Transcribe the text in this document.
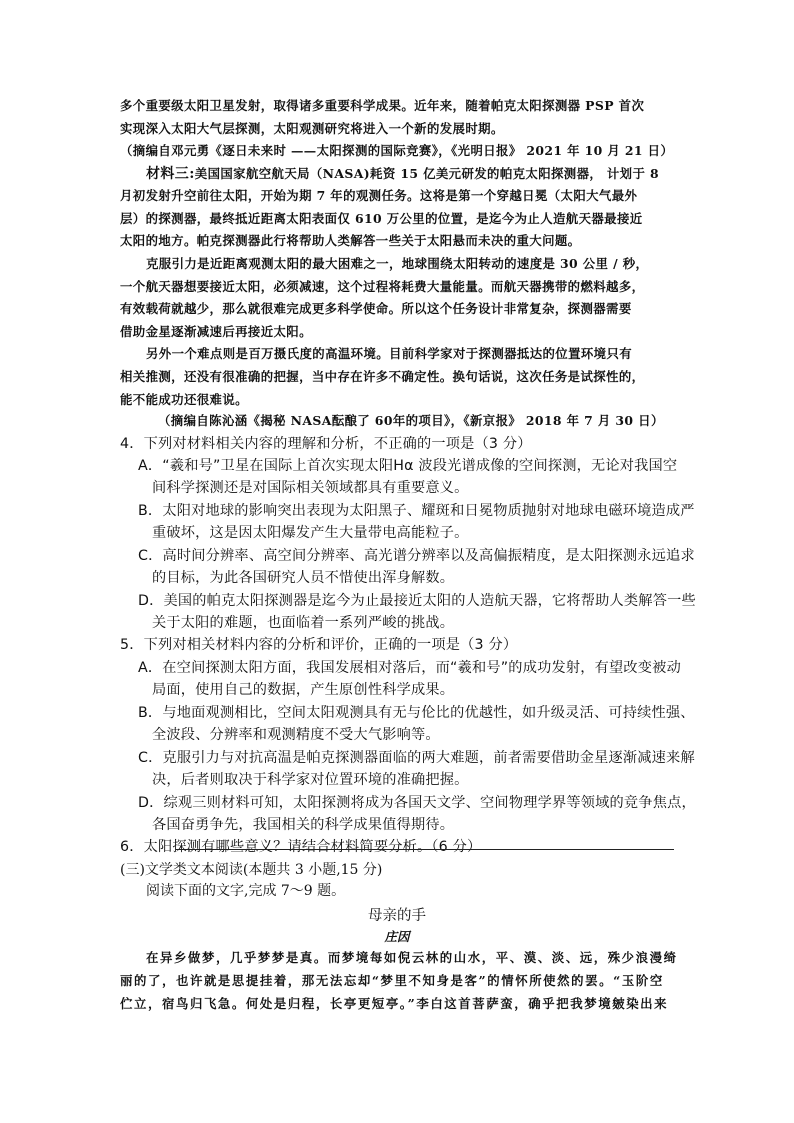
多个重要级太阳卫星发射，取得诸多重要科学成果。近年来，随着帕克太阳探测器 PSP 首次
实现深入太阳大气层探测，太阳观测研究将进入一个新的发展时期。
（摘编自邓元勇《逐日未来时 ——太阳探测的国际竞赛》，《光明日报》 2021 年 10 月 21 日）
材料三:美国国家航空航天局（NASA)耗资 15 亿美元研发的帕克太阳探测器， 计划于 8
月初发射升空前往太阳，开始为期 7 年的观测任务。这将是第一个穿越日冕（太阳大气最外
层）的探测器，最终抵近距离太阳表面仅 610 万公里的位置，是迄今为止人造航天器最接近
太阳的地方。帕克探测器此行将帮助人类解答一些关于太阳悬而未决的重大问题。
克服引力是近距离观测太阳的最大困难之一，地球围绕太阳转动的速度是 30 公里 / 秒，
一个航天器想要接近太阳，必须减速，这个过程将耗费大量能量。而航天器携带的燃料越多，
有效载荷就越少，那么就很难完成更多科学使命。所以这个任务设计非常复杂，探测器需要
借助金星逐渐减速后再接近太阳。
另外一个难点则是百万摄氏度的高温环境。目前科学家对于探测器抵达的位置环境只有
相关推测，还没有很准确的把握，当中存在许多不确定性。换句话说，这次任务是试探性的，
能不能成功还很难说。
（摘编自陈沁涵《揭秘 NASA酝酿了 60年的项目》，《新京报》 2018 年 7 月 30 日）
4．下列对材料相关内容的理解和分析，不正确的一项是（3 分）
A．“羲和号”卫星在国际上首次实现太阳Hα 波段光谱成像的空间探测，无论对我国空
间科学探测还是对国际相关领域都具有重要意义。
B．太阳对地球的影响突出表现为太阳黑子、耀斑和日冕物质抛射对地球电磁环境造成严
重破坏，这是因太阳爆发产生大量带电高能粒子。
C．高时间分辨率、高空间分辨率、高光谱分辨率以及高偏振精度，是太阳探测永远追求
的目标，为此各国研究人员不惜使出浑身解数。
D．美国的帕克太阳探测器是迄今为止最接近太阳的人造航天器，它将帮助人类解答一些
关于太阳的难题，也面临着一系列严峻的挑战。
5．下列对相关材料内容的分析和评价，正确的一项是（3 分）
A．在空间探测太阳方面，我国发展相对落后，而“羲和号”的成功发射，有望改变被动
局面，使用自己的数据，产生原创性科学成果。
B．与地面观测相比，空间太阳观测具有无与伦比的优越性，如升级灵活、可持续性强、
全波段、分辨率和观测精度不受大气影响等。
C．克服引力与对抗高温是帕克探测器面临的两大难题，前者需要借助金星逐渐减速来解
决，后者则取决于科学家对位置环境的准确把握。
D．综观三则材料可知，太阳探测将成为各国天文学、空间物理学界等领域的竞争焦点，
各国奋勇争先，我国相关的科学成果值得期待。
6．太阳探测有哪些意义？请结合材料简要分析。（6 分）
(三)文学类文本阅读(本题共 3 小题,15 分)
阅读下面的文字,完成 7～9 题。
母亲的手
庄因
在异乡做梦，几乎梦梦是真。而梦境每如倪云林的山水，平、漠、淡、远，殊少浪漫绮
丽的了，也许就是思提挂着，那无法忘却“梦里不知身是客”的情怀所使然的罢。“玉阶空
伫立，宿鸟归飞急。何处是归程，长亭更短亭。”李白这首菩萨蛮，确乎把我梦境皴染出来
